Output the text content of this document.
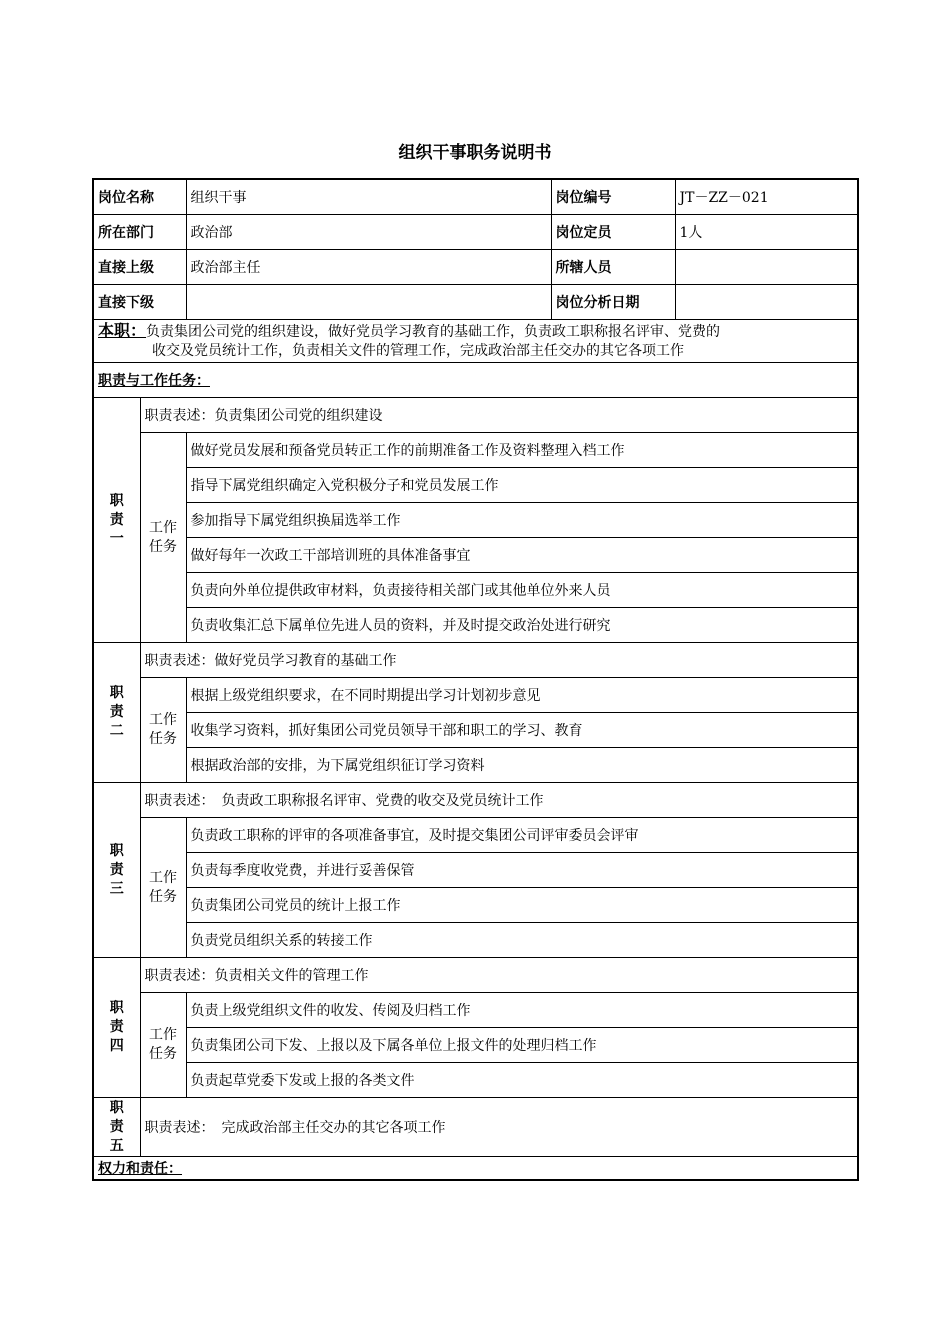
组织干事职务说明书
岗位名称		组织干事	岗位编号	JT－ZZ－021
所在部门		政治部	岗位定员	1人
直接上级		政治部主任	所辖人员	
直接下级			岗位分析日期	
本职：负责集团公司党的组织建设，做好党员学习教育的基础工作，负责政工职称报名评审、党费的
收交及党员统计工作，负责相关文件的管理工作，完成政治部主任交办的其它各项工作				

职责与工作任务：				

职
责
一	职责表述：负责集团公司党的组织建设			

	工作
任务	做好党员发展和预备党员转正工作的前期准备工作及资料整理入档工作		
		指导下属党组织确定入党积极分子和党员发展工作		
		参加指导下属党组织换届选举工作		
		做好每年一次政工干部培训班的具体准备事宜		
		负责向外单位提供政审材料，负责接待相关部门或其他单位外来人员		
		负责收集汇总下属单位先进人员的资料，并及时提交政治处进行研究		

职
责
二	职责表述：做好党员学习教育的基础工作			

	工作
任务	根据上级党组织要求，在不同时期提出学习计划初步意见		
		收集学习资料，抓好集团公司党员领导干部和职工的学习、教育		
		根据政治部的安排，为下属党组织征订学习资料		

职
责
三	职责表述：　负责政工职称报名评审、党费的收交及党员统计工作			

	工作
任务	负责政工职称的评审的各项准备事宜，及时提交集团公司评审委员会评审		
		负责每季度收党费，并进行妥善保管		
		负责集团公司党员的统计上报工作		
		负责党员组织关系的转接工作		

职
责
四	职责表述：负责相关文件的管理工作			

	工作
任务	负责上级党组织文件的收发、传阅及归档工作		
		负责集团公司下发、上报以及下属各单位上报文件的处理归档工作		
		负责起草党委下发或上报的各类文件		

职
责
五	职责表述：　完成政治部主任交办的其它各项工作			
权力和责任：				
